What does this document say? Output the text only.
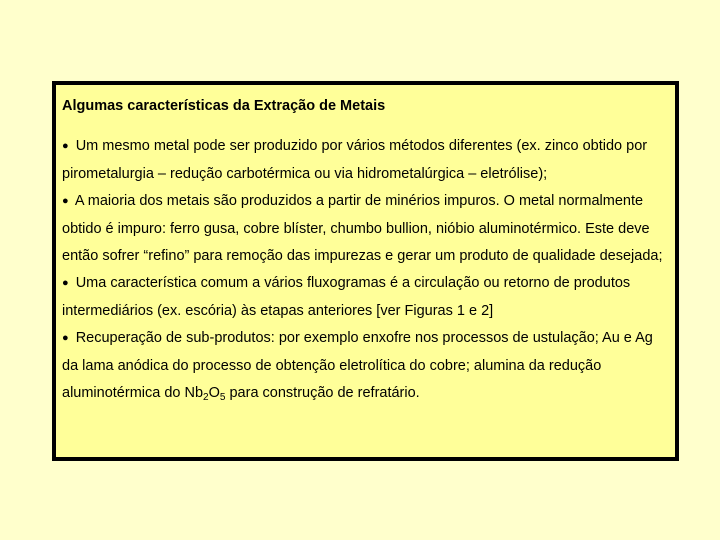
Algumas características da Extração de Metais

● Um mesmo metal pode ser produzido por vários métodos diferentes (ex. zinco obtido por pirometalurgia – redução carbotérmica ou via hidrometalúrgica – eletrólise);

● A maioria dos metais são produzidos a partir de minérios impuros. O metal normalmente obtido é impuro: ferro gusa, cobre blíster, chumbo bullion, nióbio aluminotérmico. Este deve então sofrer “refino” para remoção das impurezas e gerar um produto de qualidade desejada;

● Uma característica comum a vários fluxogramas é a circulação ou retorno de produtos intermediários (ex. escória) às etapas anteriores [ver Figuras 1 e 2]

● Recuperação de sub-produtos: por exemplo enxofre nos processos de ustulação; Au e Ag da lama anódica do processo de obtenção eletrolítica do cobre; alumina da redução aluminotérmica do $Nb_2O_5$ para construção de refratário.
